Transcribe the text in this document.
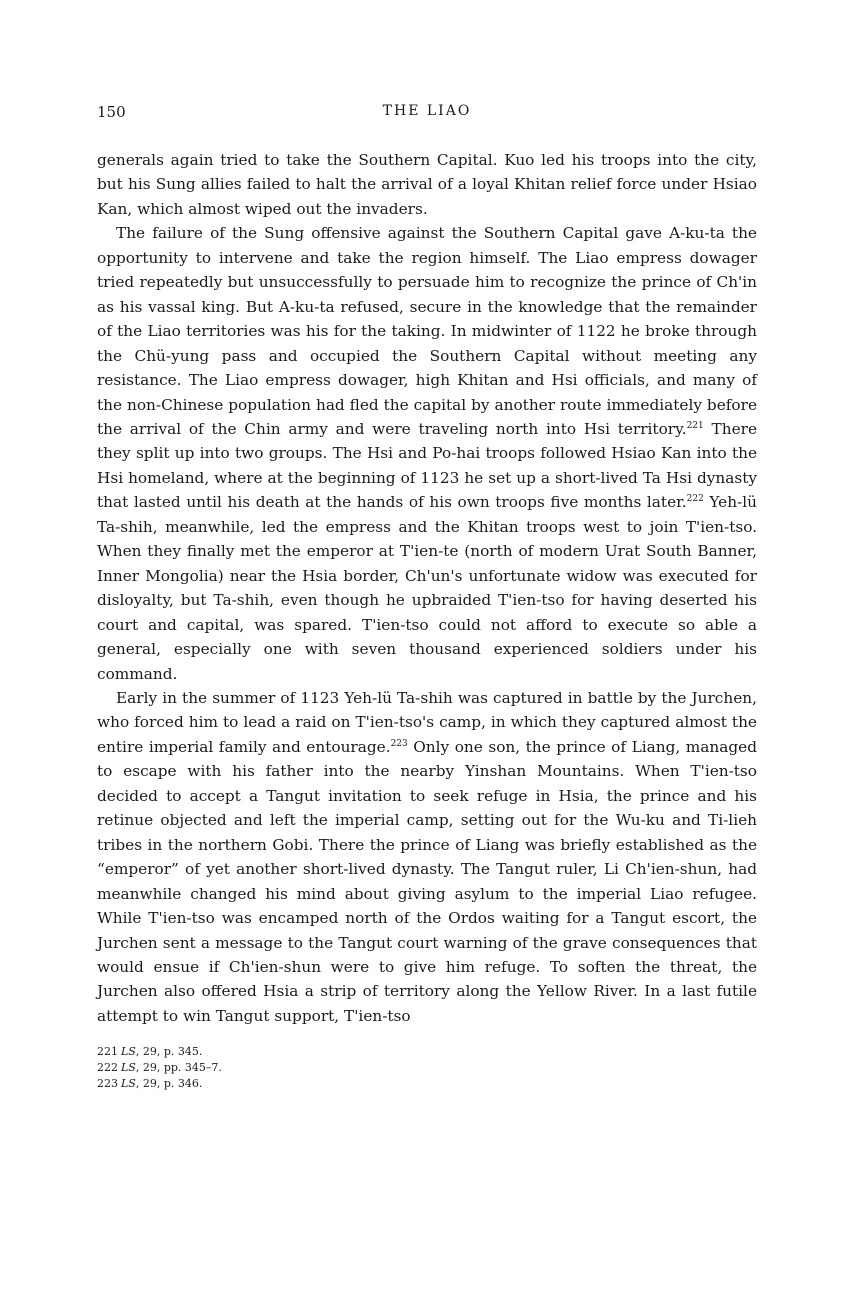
150	THE LIAO

generals again tried to take the Southern Capital. Kuo led his troops into the city, but his Sung allies failed to halt the arrival of a loyal Khitan relief force under Hsiao Kan, which almost wiped out the invaders.

The failure of the Sung offensive against the Southern Capital gave A-ku-ta the opportunity to intervene and take the region himself. The Liao empress dowager tried repeatedly but unsuccessfully to persuade him to recognize the prince of Ch'in as his vassal king. But A-ku-ta refused, secure in the knowledge that the remainder of the Liao territories was his for the taking. In midwinter of 1122 he broke through the Chü-yung pass and occupied the Southern Capital without meeting any resistance. The Liao empress dowager, high Khitan and Hsi officials, and many of the non-Chinese population had fled the capital by another route immediately before the arrival of the Chin army and were traveling north into Hsi territory.$^{221}$ There they split up into two groups. The Hsi and Po-hai troops followed Hsiao Kan into the Hsi homeland, where at the beginning of 1123 he set up a short-lived Ta Hsi dynasty that lasted until his death at the hands of his own troops five months later.$^{222}$ Yeh-lü Ta-shih, meanwhile, led the empress and the Khitan troops west to join T'ien-tso. When they finally met the emperor at T'ien-te (north of modern Urat South Banner, Inner Mongolia) near the Hsia border, Ch'un's unfortunate widow was executed for disloyalty, but Ta-shih, even though he upbraided T'ien-tso for having deserted his court and capital, was spared. T'ien-tso could not afford to execute so able a general, especially one with seven thousand experienced soldiers under his command.

Early in the summer of 1123 Yeh-lü Ta-shih was captured in battle by the Jurchen, who forced him to lead a raid on T'ien-tso's camp, in which they captured almost the entire imperial family and entourage.$^{223}$ Only one son, the prince of Liang, managed to escape with his father into the nearby Yinshan Mountains. When T'ien-tso decided to accept a Tangut invitation to seek refuge in Hsia, the prince and his retinue objected and left the imperial camp, setting out for the Wu-ku and Ti-lieh tribes in the northern Gobi. There the prince of Liang was briefly established as the “emperor” of yet another short-lived dynasty. The Tangut ruler, Li Ch'ien-shun, had meanwhile changed his mind about giving asylum to the imperial Liao refugee. While T'ien-tso was encamped north of the Ordos waiting for a Tangut escort, the Jurchen sent a message to the Tangut court warning of the grave consequences that would ensue if Ch'ien-shun were to give him refuge. To soften the threat, the Jurchen also offered Hsia a strip of territory along the Yellow River. In a last futile attempt to win Tangut support, T'ien-tso

221 LS, 29, p. 345.
222 LS, 29, pp. 345–7.
223 LS, 29, p. 346.
